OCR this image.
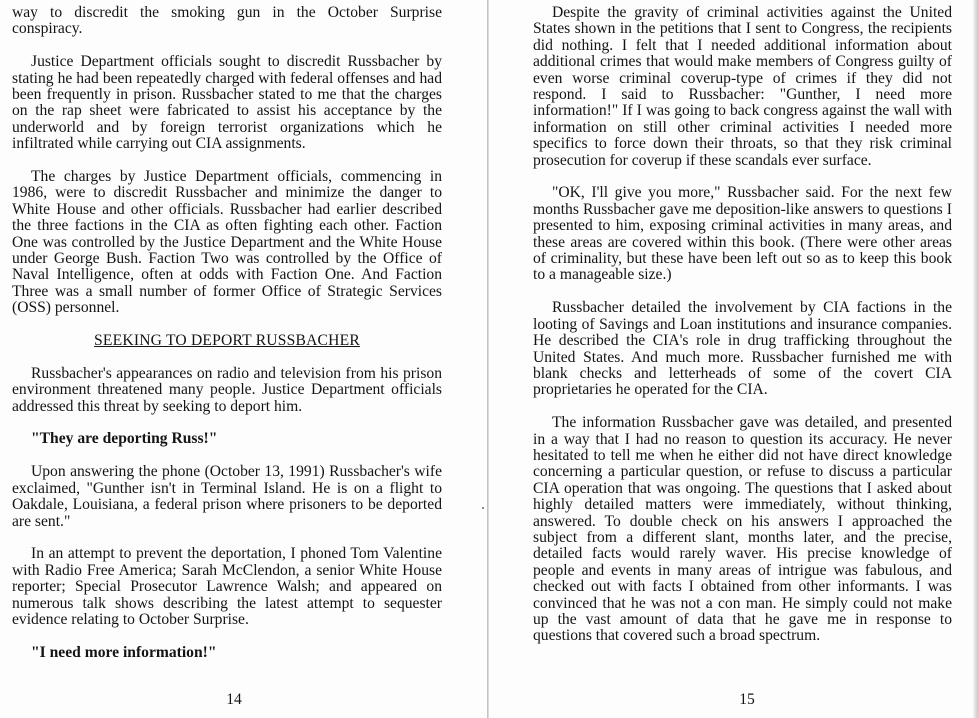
way to discredit the smoking gun in the October Surprise conspiracy.

Justice Department officials sought to discredit Russbacher by stating he had been repeatedly charged with federal offenses and had been frequently in prison. Russbacher stated to me that the charges on the rap sheet were fabricated to assist his acceptance by the underworld and by foreign terrorist organizations which he infiltrated while carrying out CIA assignments.

The charges by Justice Department officials, commencing in 1986, were to discredit Russbacher and minimize the danger to White House and other officials. Russbacher had earlier described the three factions in the CIA as often fighting each other. Faction One was controlled by the Justice Department and the White House under George Bush. Faction Two was controlled by the Office of Naval Intelligence, often at odds with Faction One. And Faction Three was a small number of former Office of Strategic Services (OSS) personnel.

SEEKING TO DEPORT RUSSBACHER

Russbacher's appearances on radio and television from his prison environment threatened many people. Justice Department officials addressed this threat by seeking to deport him.

"They are deporting Russ!"

Upon answering the phone (October 13, 1991) Russbacher's wife exclaimed, "Gunther isn't in Terminal Island. He is on a flight to Oakdale, Louisiana, a federal prison where prisoners to be deported are sent."

In an attempt to prevent the deportation, I phoned Tom Valentine with Radio Free America; Sarah McClendon, a senior White House reporter; Special Prosecutor Lawrence Walsh; and appeared on numerous talk shows describing the latest attempt to sequester evidence relating to October Surprise.

"I need more information!"
14

Despite the gravity of criminal activities against the United States shown in the petitions that I sent to Congress, the recipients did nothing. I felt that I needed additional information about additional crimes that would make members of Congress guilty of even worse criminal coverup-type of crimes if they did not respond. I said to Russbacher: "Gunther, I need more information!" If I was going to back congress against the wall with information on still other criminal activities I needed more specifics to force down their throats, so that they risk criminal prosecution for coverup if these scandals ever surface.

"OK, I'll give you more," Russbacher said. For the next few months Russbacher gave me deposition-like answers to questions I presented to him, exposing criminal activities in many areas, and these areas are covered within this book. (There were other areas of criminality, but these have been left out so as to keep this book to a manageable size.)

Russbacher detailed the involvement by CIA factions in the looting of Savings and Loan institutions and insurance companies. He described the CIA's role in drug trafficking throughout the United States. And much more. Russbacher furnished me with blank checks and letterheads of some of the covert CIA proprietaries he operated for the CIA.

The information Russbacher gave was detailed, and presented in a way that I had no reason to question its accuracy. He never hesitated to tell me when he either did not have direct knowledge concerning a particular question, or refuse to discuss a particular CIA operation that was ongoing. The questions that I asked about highly detailed matters were immediately, without thinking, answered. To double check on his answers I approached the subject from a different slant, months later, and the precise, detailed facts would rarely waver. His precise knowledge of people and events in many areas of intrigue was fabulous, and checked out with facts I obtained from other informants. I was convinced that he was not a con man. He simply could not make up the vast amount of data that he gave me in response to questions that covered such a broad spectrum.

15
